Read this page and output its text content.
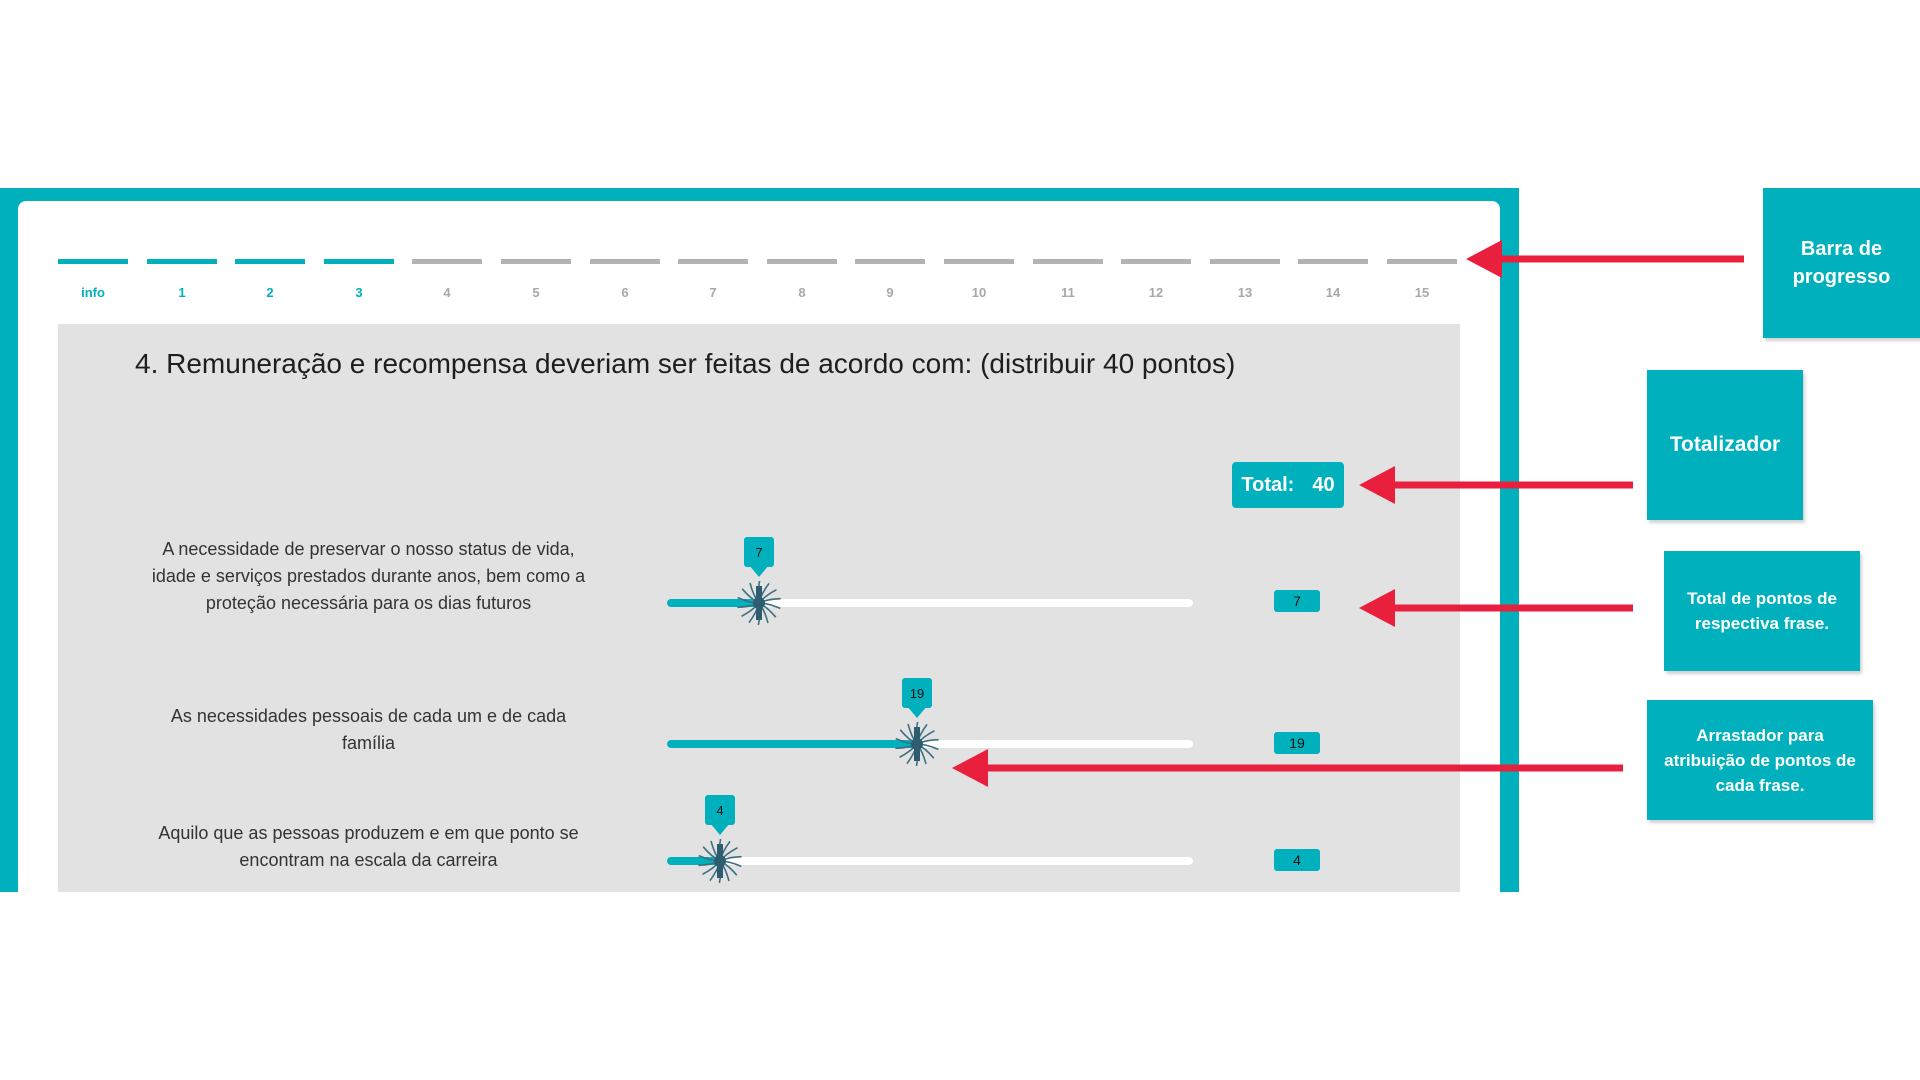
info	1	2	3	4	5	6	7	8	9	10	11	12	13	14	15
4. Remuneração e recompensa deveriam ser feitas de acordo com: (distribuir 40 pontos)
Total: 40
A necessidade de preservar o nosso status de vida, idade e serviços prestados durante anos, bem como a proteção necessária para os dias futuros
7
7
As necessidades pessoais de cada um e de cada família
19
19
Aquilo que as pessoas produzem e em que ponto se encontram na escala da carreira
4
4
Barra de progresso
Totalizador
Total de pontos de respectiva frase.
Arrastador para atribuição de pontos de cada frase.
